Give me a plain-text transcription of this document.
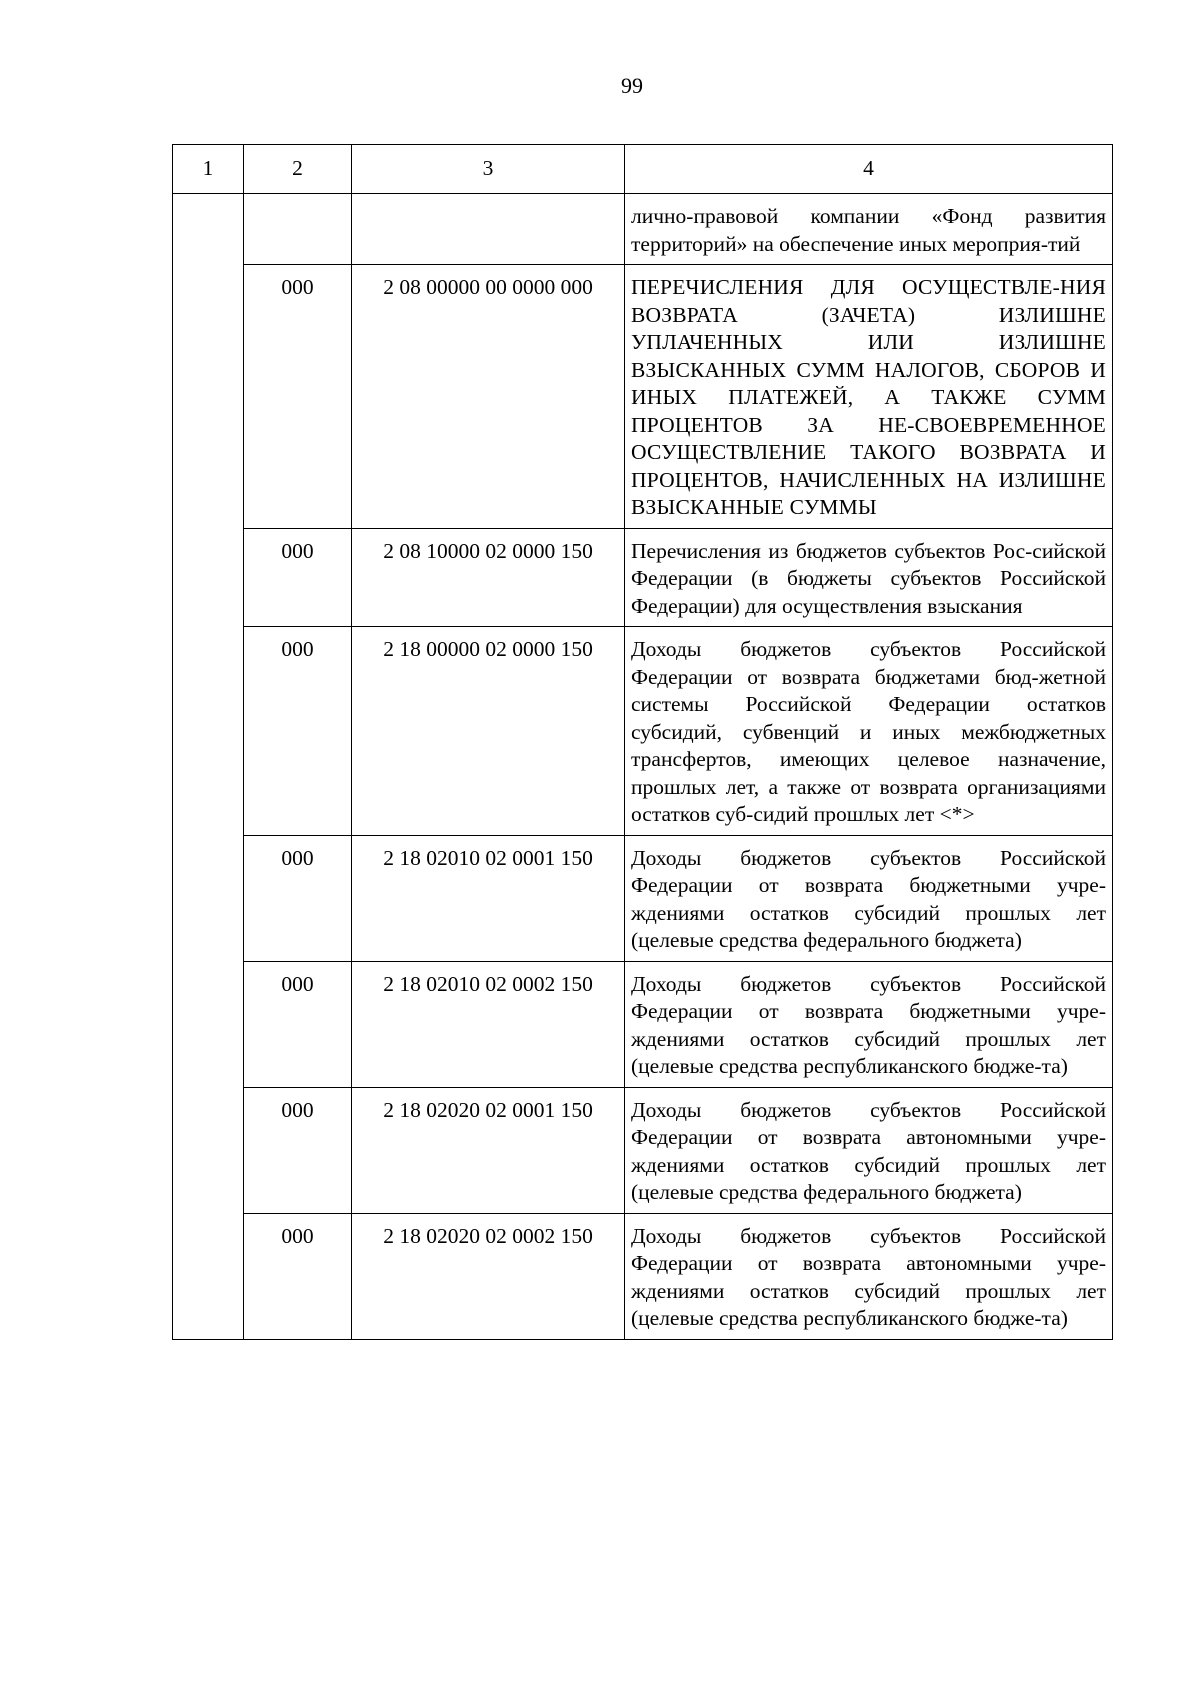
99
1	2	3	4
			лично-правовой компании «Фонд развития территорий» на обеспечение иных мероприя-тий
	000	2 08 00000 00 0000 000	ПЕРЕЧИСЛЕНИЯ ДЛЯ ОСУЩЕСТВЛЕ-НИЯ ВОЗВРАТА (ЗАЧЕТА) ИЗЛИШНЕ УПЛАЧЕННЫХ ИЛИ ИЗЛИШНЕ ВЗЫСКАННЫХ СУММ НАЛОГОВ, СБОРОВ И ИНЫХ ПЛАТЕЖЕЙ, А ТАКЖЕ СУММ ПРОЦЕНТОВ ЗА НЕ-СВОЕВРЕМЕННОЕ ОСУЩЕСТВЛЕНИЕ ТАКОГО ВОЗВРАТА И ПРОЦЕНТОВ, НАЧИСЛЕННЫХ НА ИЗЛИШНЕ ВЗЫСКАННЫЕ СУММЫ
	000	2 08 10000 02 0000 150	Перечисления из бюджетов субъектов Рос-сийской Федерации (в бюджеты субъектов Российской Федерации) для осуществления взыскания
	000	2 18 00000 02 0000 150	Доходы бюджетов субъектов Российской Федерации от возврата бюджетами бюд-жетной системы Российской Федерации остатков субсидий, субвенций и иных межбюджетных трансфертов, имеющих целевое назначение, прошлых лет, а также от возврата организациями остатков суб-сидий прошлых лет <*>
	000	2 18 02010 02 0001 150	Доходы бюджетов субъектов Российской Федерации от возврата бюджетными учре-ждениями остатков субсидий прошлых лет (целевые средства федерального бюджета)
	000	2 18 02010 02 0002 150	Доходы бюджетов субъектов Российской Федерации от возврата бюджетными учре-ждениями остатков субсидий прошлых лет (целевые средства республиканского бюдже-та)
	000	2 18 02020 02 0001 150	Доходы бюджетов субъектов Российской Федерации от возврата автономными учре-ждениями остатков субсидий прошлых лет (целевые средства федерального бюджета)
	000	2 18 02020 02 0002 150	Доходы бюджетов субъектов Российской Федерации от возврата автономными учре-ждениями остатков субсидий прошлых лет (целевые средства республиканского бюдже-та)
